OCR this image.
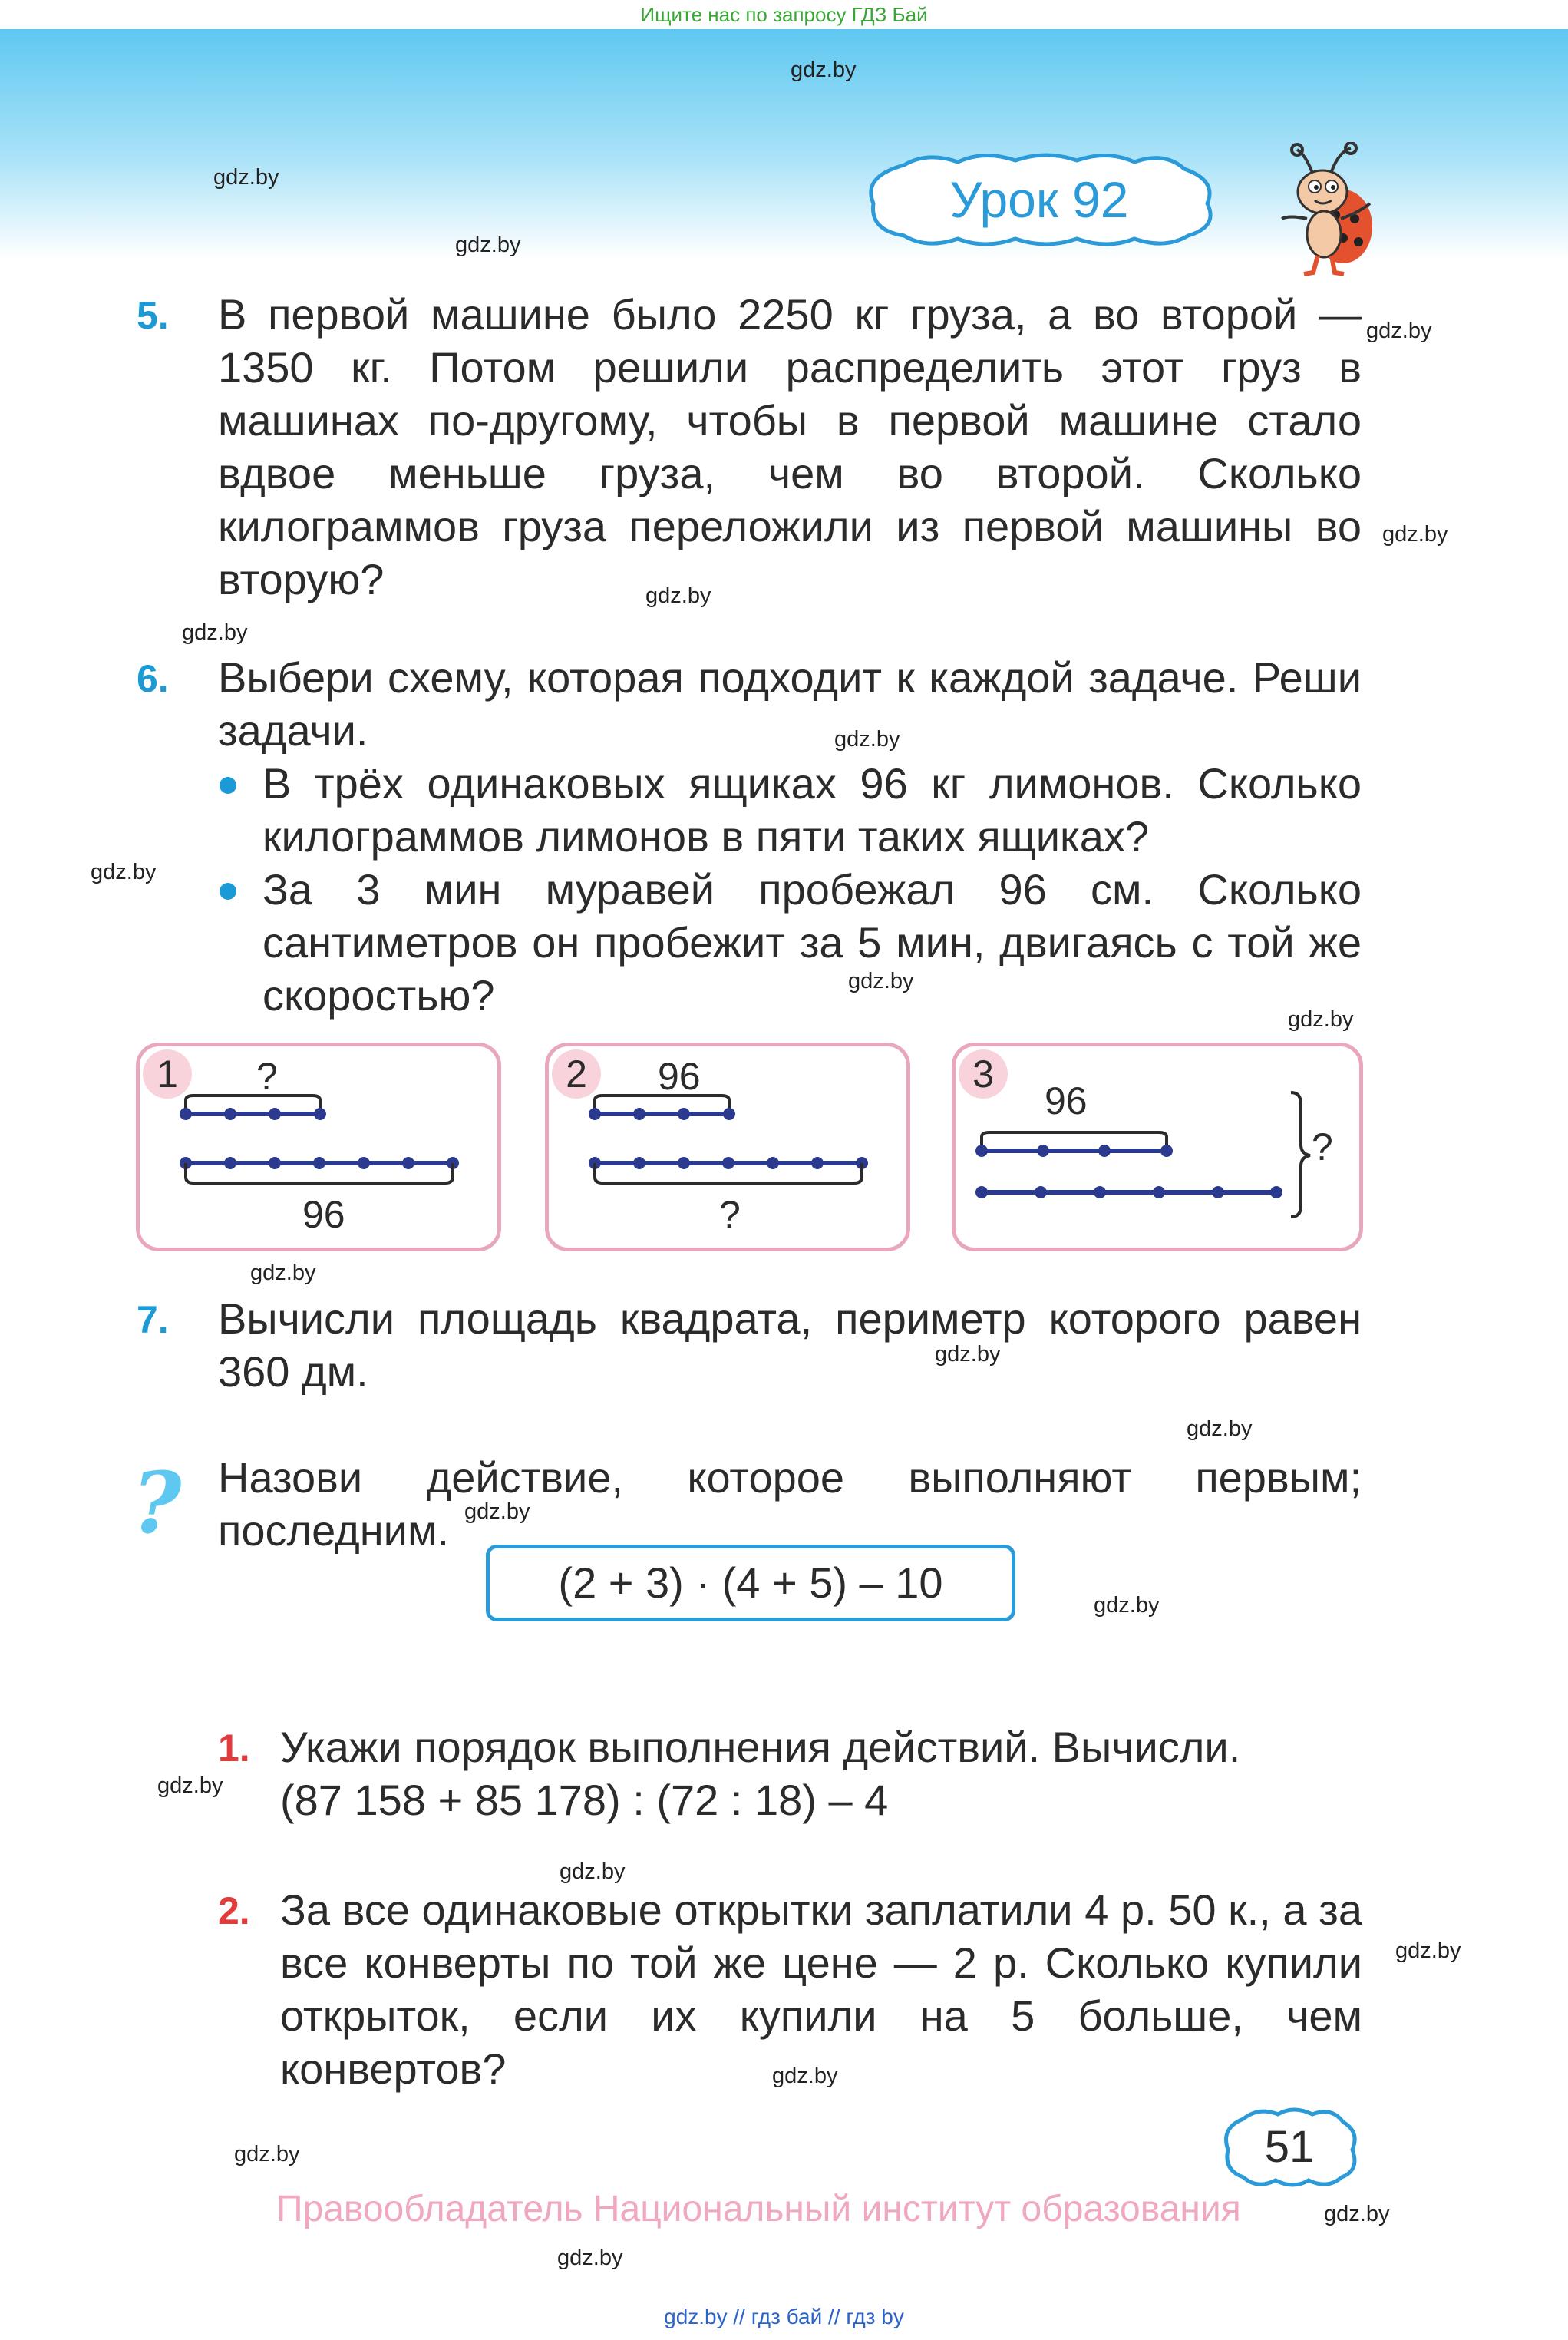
Ищите нас по запросу ГДЗ Бай
gdz.by
gdz.by
gdz.by
gdz.by
gdz.by
gdz.by
gdz.by
gdz.by
gdz.by
gdz.by
gdz.by
gdz.by
gdz.by
gdz.by
gdz.by
gdz.by
gdz.by
gdz.by
gdz.by
gdz.by
gdz.by
gdz.by
gdz.by
Урок 92
5. В первой машине было 2250 кг груза, а во второй — 1350 кг. Потом решили распределить этот груз в машинах по-другому, чтобы в первой машине стало вдвое меньше груза, чем во второй. Сколько килограммов груза переложили из первой машины во вторую?
6. Выбери схему, которая подходит к каждой задаче. Реши задачи.
В трёх одинаковых ящиках 96 кг лимонов. Сколько килограммов лимонов в пяти таких ящиках?
За 3 мин муравей пробежал 96 см. Сколько сантиметров он пробежит за 5 мин, двигаясь с той же скоростью?
1	?
96
2	96
?
3
96
?
7. Вычисли площадь квадрата, периметр которого равен 360 дм.
? Назови действие, которое выполняют первым; последним.
(2 + 3) · (4 + 5) – 10
1. Укажи порядок выполнения действий. Вычисли.
(87 158 + 85 178) : (72 : 18) – 4
2. За все одинаковые открытки заплатили 4 р. 50 к., а за все конверты по той же цене — 2 р. Сколько купили открыток, если их купили на 5 больше, чем конвертов?
51
Правообладатель Национальный институт образования
gdz.by // гдз бай // гдз by
